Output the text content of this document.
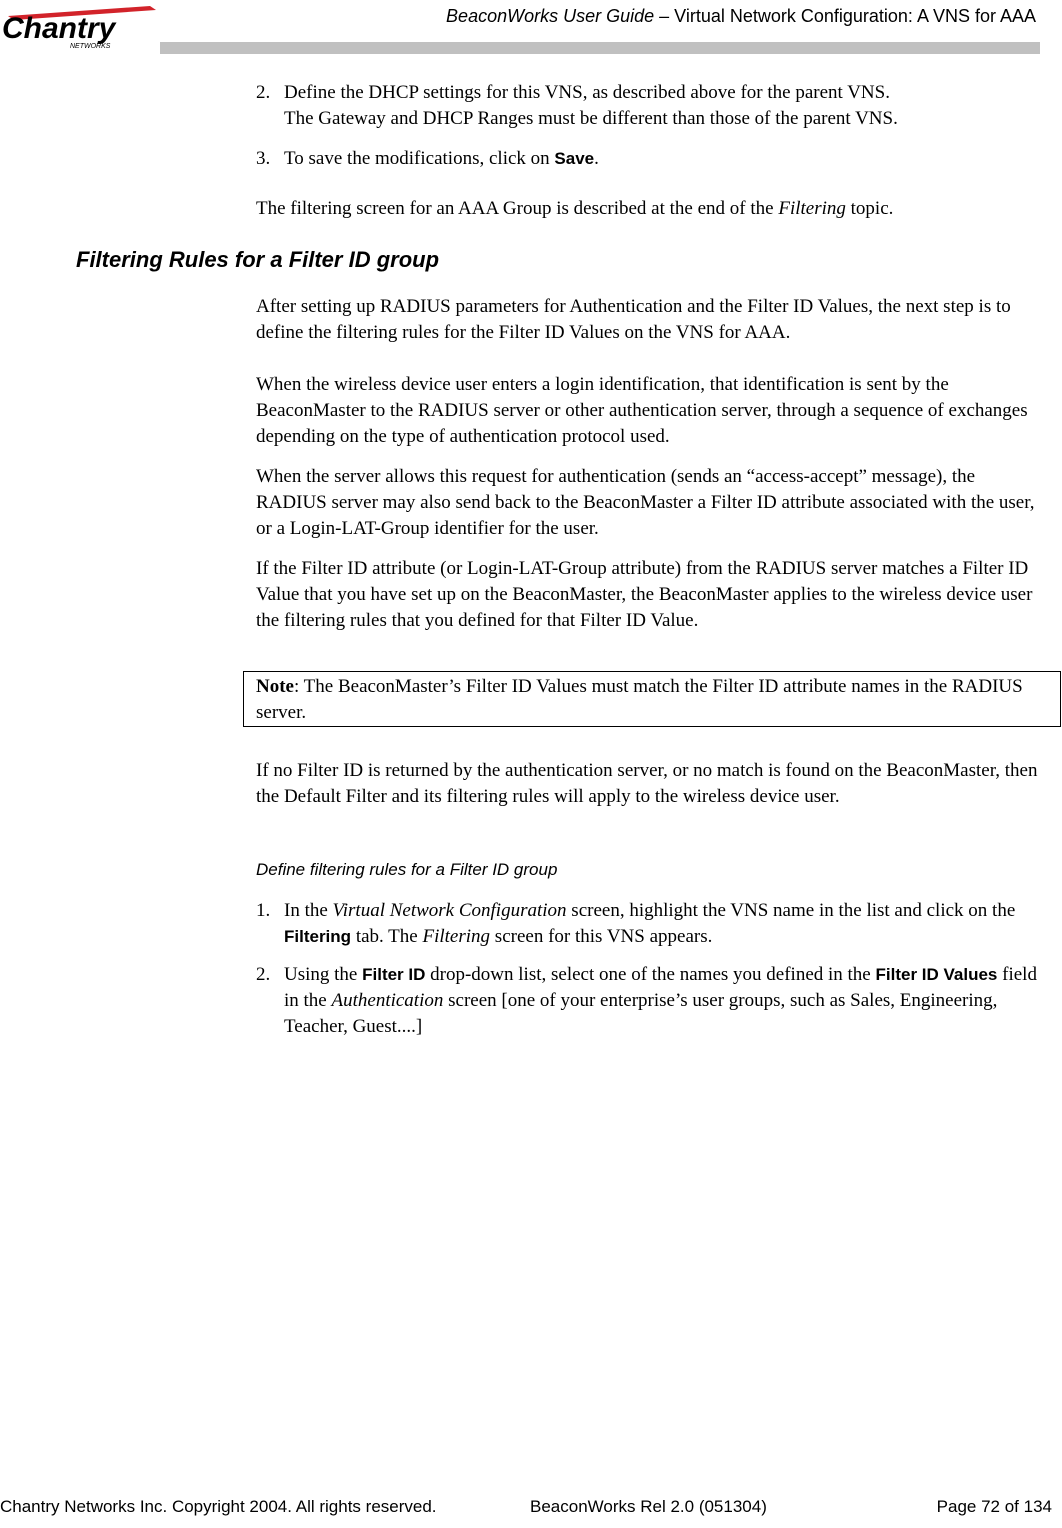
Chantry
NETWORKS
BeaconWorks User Guide – Virtual Network Configuration: A VNS for AAA
2. Define the DHCP settings for this VNS, as described above for the parent VNS.
The Gateway and DHCP Ranges must be different than those of the parent VNS.
3. To save the modifications, click on Save.
The filtering screen for an AAA Group is described at the end of the Filtering topic.
Filtering Rules for a Filter ID group
After setting up RADIUS parameters for Authentication and the Filter ID Values, the next step is to define the filtering rules for the Filter ID Values on the VNS for AAA.
When the wireless device user enters a login identification, that identification is sent by the BeaconMaster to the RADIUS server or other authentication server, through a sequence of exchanges depending on the type of authentication protocol used.
When the server allows this request for authentication (sends an “access-accept” message), the RADIUS server may also send back to the BeaconMaster a Filter ID attribute associated with the user, or a Login-LAT-Group identifier for the user.
If the Filter ID attribute (or Login-LAT-Group attribute) from the RADIUS server matches a Filter ID Value that you have set up on the BeaconMaster, the BeaconMaster applies to the wireless device user the filtering rules that you defined for that Filter ID Value.
Note: The BeaconMaster’s Filter ID Values must match the Filter ID attribute names in the RADIUS server.
If no Filter ID is returned by the authentication server, or no match is found on the BeaconMaster, then the Default Filter and its filtering rules will apply to the wireless device user.
Define filtering rules for a Filter ID group
1. In the Virtual Network Configuration screen, highlight the VNS name in the list and click on the Filtering tab. The Filtering screen for this VNS appears.
2. Using the Filter ID drop-down list, select one of the names you defined in the Filter ID Values field in the Authentication screen [one of your enterprise’s user groups, such as Sales, Engineering, Teacher, Guest....]
Chantry Networks Inc. Copyright 2004. All rights reserved.	BeaconWorks Rel 2.0 (051304)	Page 72 of 134
